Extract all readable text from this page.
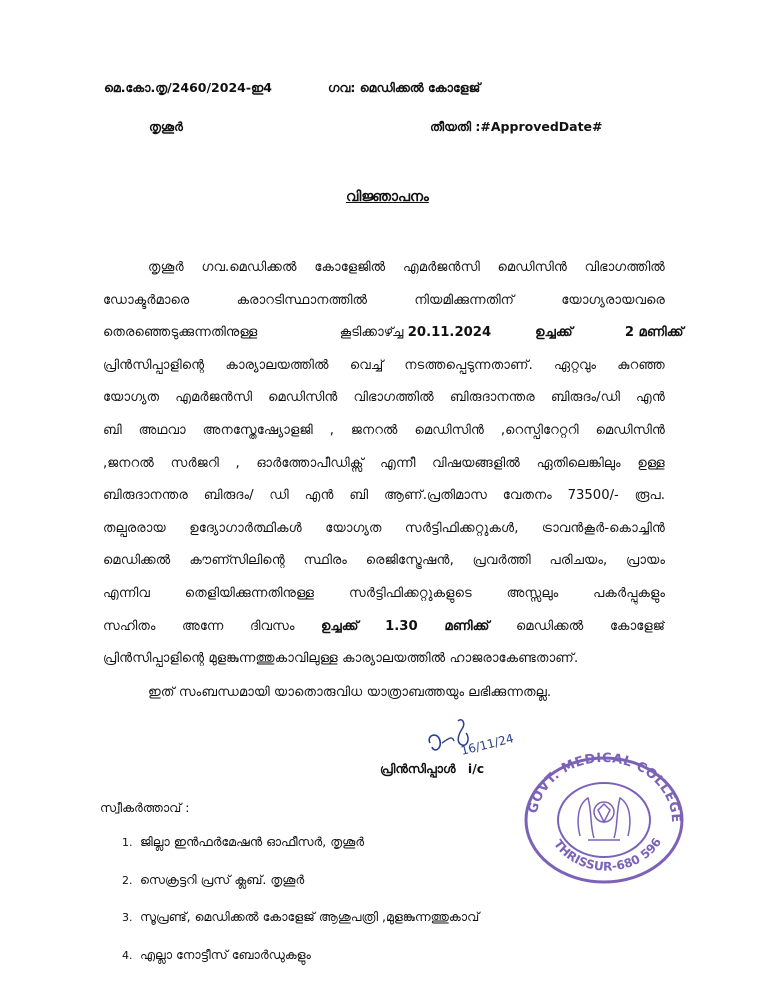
മെ.കോ.തൃ/2460/2024-ഇ4	ഗവ: മെഡിക്കൽ കോളേജ്
തൃശൂർ	തീയതി :#ApprovedDate#
വിജ്ഞാപനം
തൃശൂർ ഗവ.മെഡിക്കൽ കോളേജിൽ എമർജൻസി മെഡിസിൻ വിഭാഗത്തിൽ
ഡോക്ടർമാരെ കരാറടിസ്ഥാനത്തിൽ നിയമിക്കുന്നതിന് യോഗ്യരായവരെ
തെരഞ്ഞെടുക്കുന്നതിനുള്ള	കൂടിക്കാഴ്ച്ച 20.11.2024	ഉച്ചക്ക്	2 മണിക്ക്
പ്രിൻസിപ്പാളിന്റെ കാര്യാലയത്തിൽ വെച്ച് നടത്തപ്പെടുന്നതാണ്. ഏറ്റവും കുറഞ്ഞ
യോഗ്യത എമർജൻസി മെഡിസിൻ വിഭാഗത്തിൽ ബിരുദാനന്തര ബിരുദം/ഡി എൻ
ബി അഥവാ അനസ്തേഷ്യോളജി , ജനറൽ മെഡിസിൻ ,റെസ്പിറേറ്ററി മെഡിസിൻ
,ജനറൽ സർജറി , ഓർത്തോപീഡിക്സ് എന്നീ വിഷയങ്ങളിൽ ഏതിലെങ്കിലും ഉള്ള
ബിരുദാനന്തര ബിരുദം/ ഡി എൻ ബി ആണ്.പ്രതിമാസ വേതനം 73500/- രൂപ.
തല്പരരായ ഉദ്യോഗാർത്ഥികൾ യോഗ്യത സർട്ടിഫിക്കറ്റുകൾ, ട്രാവൻകൂർ-കൊച്ചിൻ
മെഡിക്കൽ കൗണ്സിലിന്റെ സ്ഥിരം രെജിസ്ട്രേഷൻ, പ്രവർത്തി പരിചയം, പ്രായം
എന്നിവ തെളിയിക്കുന്നതിനുള്ള സർട്ടിഫിക്കറ്റുകളുടെ അസ്സലും പകർപ്പുകളും
സഹിതം അന്നേ ദിവസം ഉച്ചക്ക് 1.30 മണിക്ക് മെഡിക്കൽ കോളേജ്
പ്രിൻസിപ്പാളിന്റെ മുളങ്കുന്നത്തുകാവിലുള്ള കാര്യാലയത്തിൽ ഹാജരാകേണ്ടതാണ്.
ഇത് സംബന്ധമായി യാതൊരുവിധ യാത്രാബത്തയും ലഭിക്കുന്നതല്ല.
16/11/24
പ്രിൻസിപ്പാൾ i/c
GOVT. MEDICAL COLLEGE
THRISSUR-680 596
സ്വീകർത്താവ് :
1. ജില്ലാ ഇൻഫർമേഷൻ ഓഫീസർ, തൃശൂർ
2. സെക്രട്ടറി പ്രസ് ക്ലബ്. തൃശൂർ
3. സൂപ്രണ്ട്, മെഡിക്കൽ കോളേജ് ആശുപത്രി ,മുളങ്കുന്നത്തുകാവ്
4. എല്ലാ നോട്ടീസ് ബോർഡുകളും
